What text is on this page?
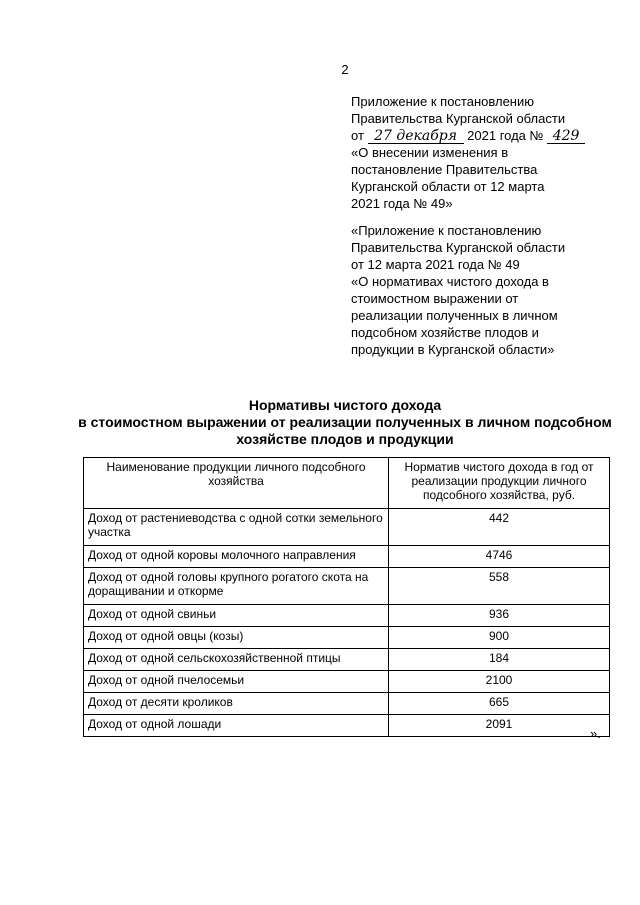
2
Приложение к постановлению
Правительства Курганской области
от 27 декабря 2021 года № 429
«О внесении изменения в
постановление Правительства
Курганской области от 12 марта
2021 года № 49»
«Приложение к постановлению
Правительства Курганской области
от 12 марта 2021 года № 49
«О нормативах чистого дохода в
стоимостном выражении от
реализации полученных в личном
подсобном хозяйстве плодов и
продукции в Курганской области»
Нормативы чистого дохода
в стоимостном выражении от реализации полученных в личном подсобном
хозяйстве плодов и продукции
Наименование продукции личного подсобного хозяйства	Норматив чистого дохода в год от реализации продукции личного подсобного хозяйства, руб.
Доход от растениеводства с одной сотки земельного участка	442
Доход от одной коровы молочного направления	4746
Доход от одной головы крупного рогатого скота на доращивании и откорме	558
Доход от одной свиньи	936
Доход от одной овцы (козы)	900
Доход от одной сельскохозяйственной птицы	184
Доход от одной пчелосемьи	2100
Доход от десяти кроликов	665
Доход от одной лошади	2091
».
